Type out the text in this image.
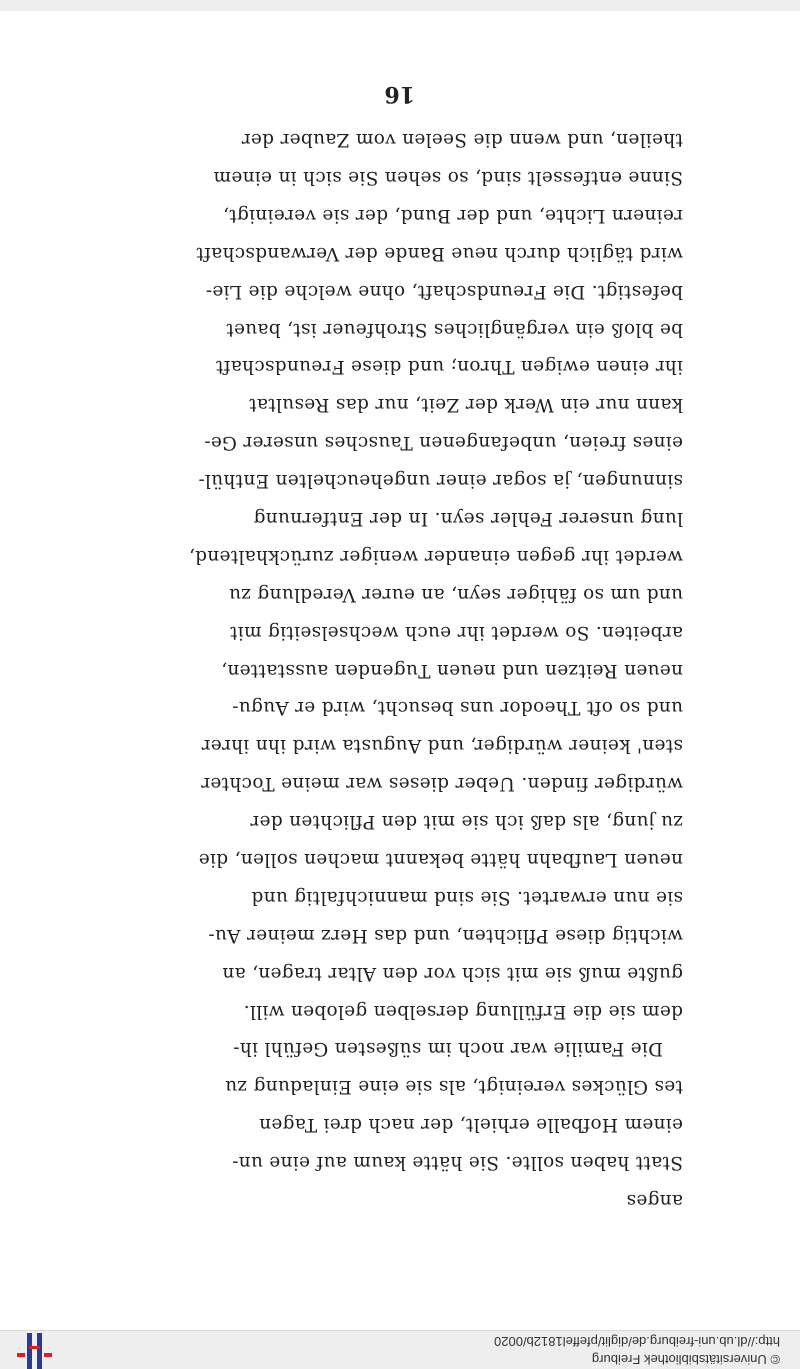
© Universitätsbibliothek Freiburg
http://dl.ub.uni-freiburg.de/diglit/pfeffel1812b/0020
anges
Statt haben sollte. Sie hätte kaum auf eine un-
einem Hofballe erhielt, der nach drei Tagen
tes Glückes vereinigt, als sie eine Einladung zu
Die Familie war noch im süßesten Gefühl ih-
dem sie die Erfüllung derselben geloben will.
gußte muß sie mit sich vor den Altar tragen, an
wichtig diese Pflichten, und das Herz meiner Au-
sie nun erwartet. Sie sind mannichfaltig und
neuen Laufbahn hätte bekannt machen sollen, die
zu jung, als daß ich sie mit den Pflichten der
würdiger finden. Ueber dieses war meine Tochter
sten' keiner würdiger, und Augusta wird ihn ihrer
und so oft Theodor uns besucht, wird er Augu-
neuen Reitzen und neuen Tugenden ausstatten,
arbeiten. So werdet ihr euch wechselseitig mit
und um so fähiger seyn, an eurer Veredlung zu
werdet ihr gegen einander weniger zurückhaltend,
lung unserer Fehler seyn. In der Entfernung
sinnungen, ja sogar einer ungeheuchelten Enthül-
eines freien, unbefangenen Tausches unserer Ge-
kann nur ein Werk der Zeit, nur das Resultat
ihr einen ewigen Thron; und diese Freundschaft
be bloß ein vergängliches Strohfeuer ist, bauet
befestigt. Die Freundschaft, ohne welche die Lie-
wird täglich durch neue Bande der Verwandschaft
reinern Lichte, und der Bund, der sie vereinigt,
Sinne entfesselt sind, so sehen Sie sich in einem
theilen, und wenn die Seelen vom Zauber der
16
